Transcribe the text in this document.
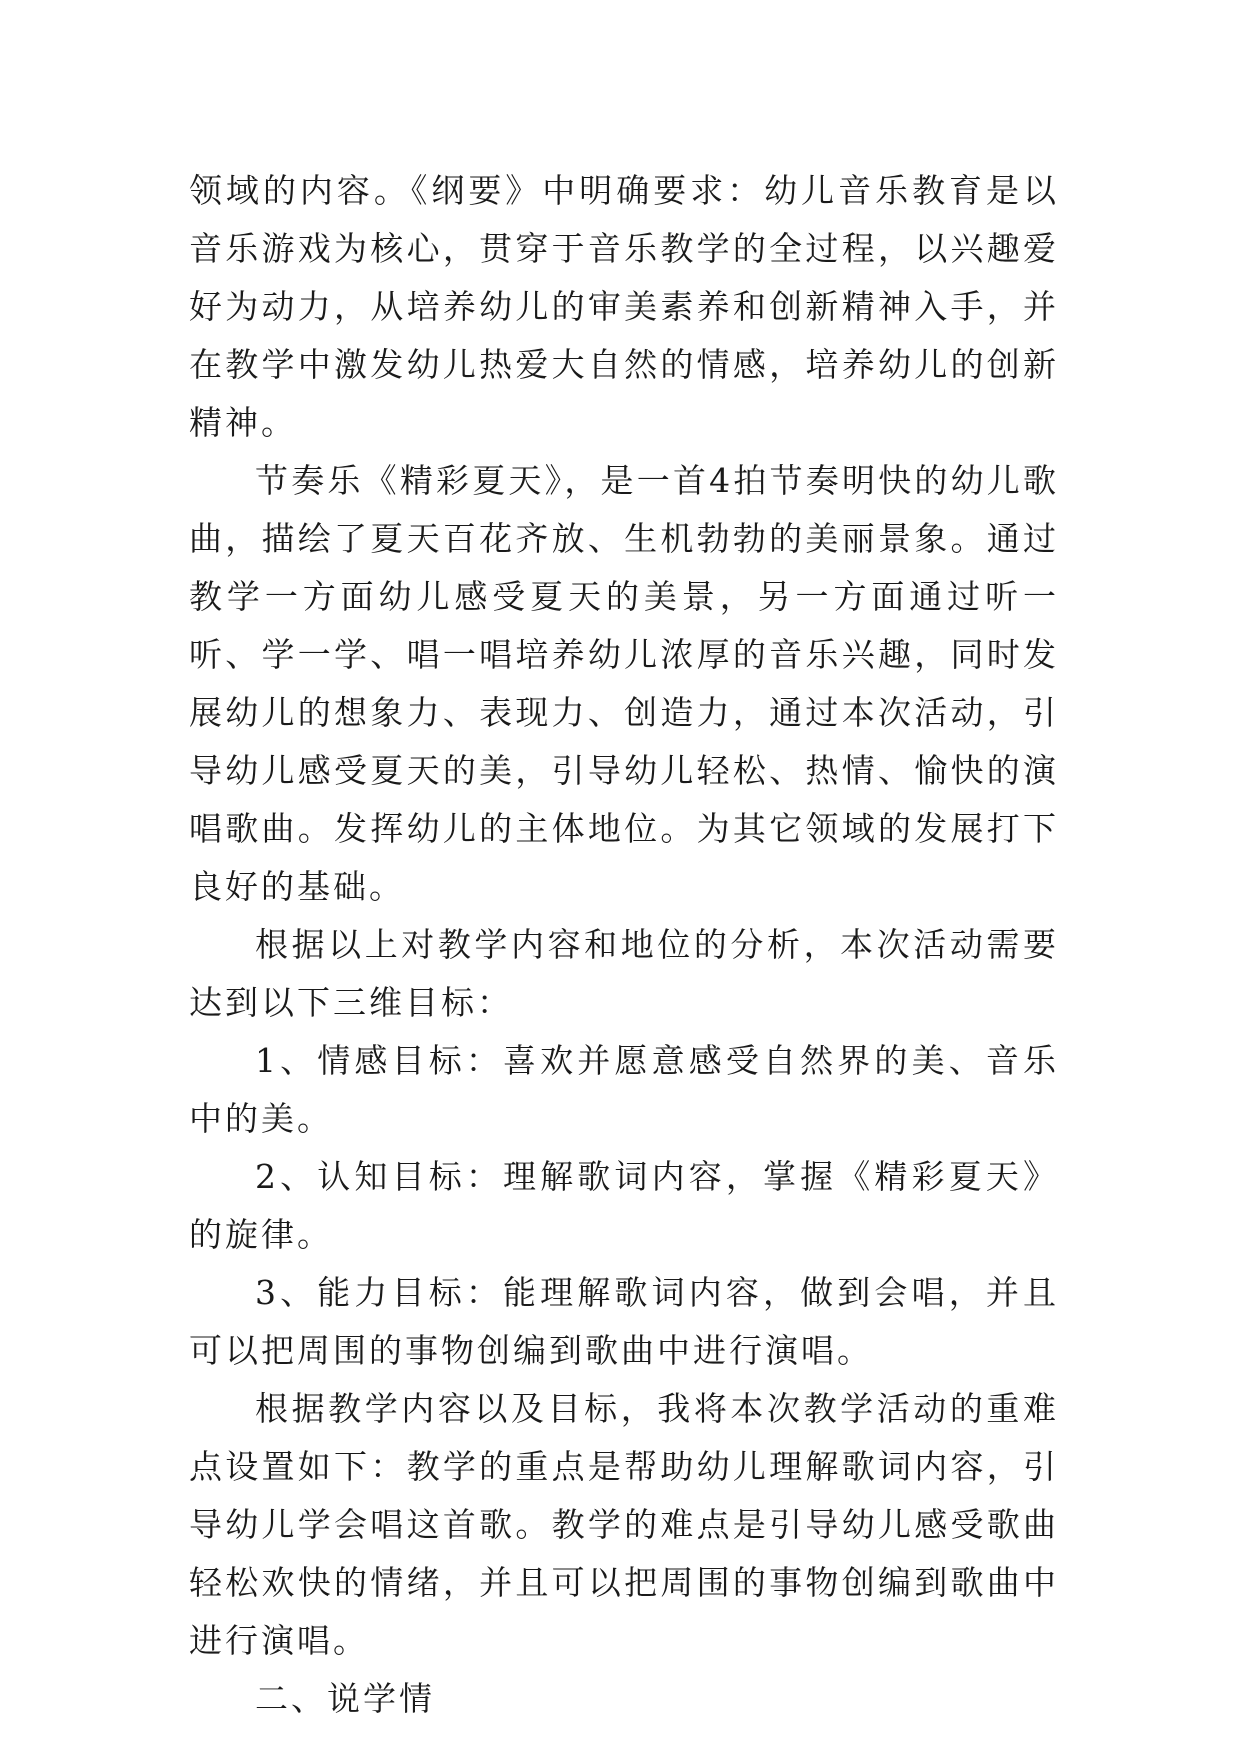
领域的内容。《纲要》中明确要求：幼儿音乐教育是以音乐游戏为核心，贯穿于音乐教学的全过程，以兴趣爱好为动力，从培养幼儿的审美素养和创新精神入手，并在教学中激发幼儿热爱大自然的情感，培养幼儿的创新精神。

节奏乐《精彩夏天》，是一首4拍节奏明快的幼儿歌曲，描绘了夏天百花齐放、生机勃勃的美丽景象。通过教学一方面幼儿感受夏天的美景，另一方面通过听一听、学一学、唱一唱培养幼儿浓厚的音乐兴趣，同时发展幼儿的想象力、表现力、创造力，通过本次活动，引导幼儿感受夏天的美，引导幼儿轻松、热情、愉快的演唱歌曲。发挥幼儿的主体地位。为其它领域的发展打下良好的基础。

根据以上对教学内容和地位的分析，本次活动需要达到以下三维目标：

1、情感目标：喜欢并愿意感受自然界的美、音乐中的美。

2、认知目标：理解歌词内容，掌握《精彩夏天》的旋律。

3、能力目标：能理解歌词内容，做到会唱，并且可以把周围的事物创编到歌曲中进行演唱。

根据教学内容以及目标，我将本次教学活动的重难点设置如下：教学的重点是帮助幼儿理解歌词内容，引导幼儿学会唱这首歌。教学的难点是引导幼儿感受歌曲轻松欢快的情绪，并且可以把周围的事物创编到歌曲中进行演唱。

二、说学情
